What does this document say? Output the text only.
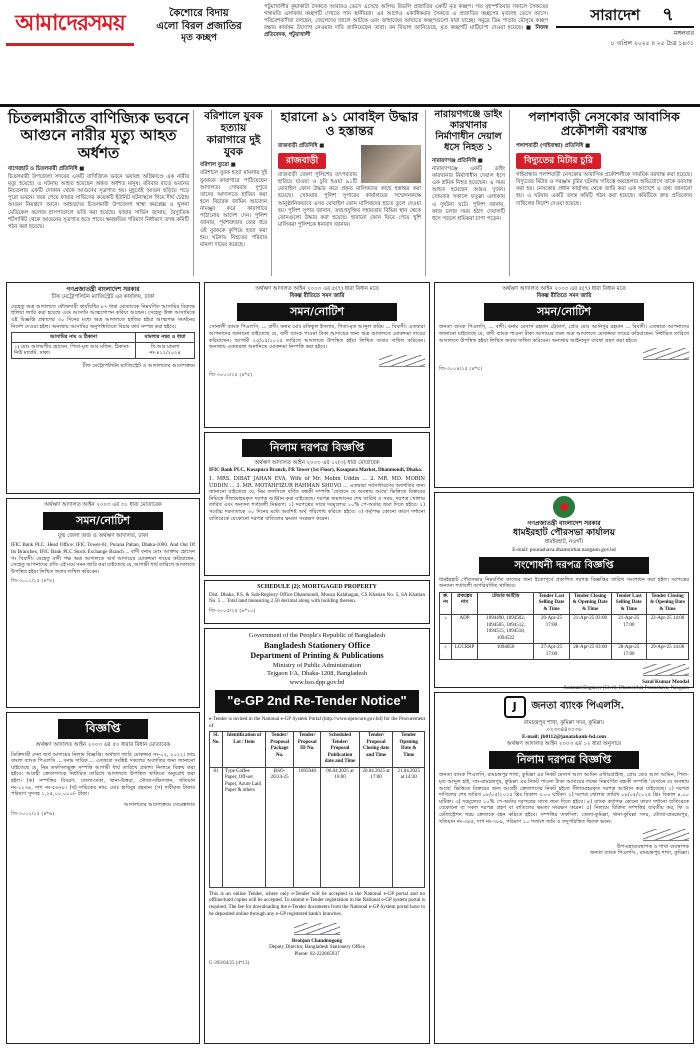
আমাদেরসময়	কৈশোরে বিদায়
এলো বিরল প্রজাতির
মৃত কচ্ছপ
পটুয়াখালীর কুয়াকাটা সৈকতে আবারও ভেসে এসেছে অলিভ রিডলি প্রজাতির একটি মৃত কচ্ছপ। গত বৃহস্পতিবার সকালে সৈকতের গঙ্গামতি এলাকায় কচ্ছপটি দেখতে পান স্থানীয়রা। এর আগেও একাধিকবার সৈকতে এ প্রজাতির কচ্ছপের মৃতদেহ ভেসে আসে। পরিবেশবাদীরা বলছেন, জেলেদের জালে আটকে এবং জাহাজের আঘাতে কচ্ছপগুলো মারা যাচ্ছে। সমুদ্রে ডিম পাড়ার মৌসুমে কচ্ছপ রক্ষায় কার্যকর উদ্যোগ নেওয়ার দাবি জানিয়েছেন তারা। বন বিভাগ জানিয়েছে, মৃত কচ্ছপটি মাটিচাপা দেওয়া হয়েছে। ■ নিজস্ব প্রতিবেদক, পটুয়াখালী
সারাদেশ	৭
মঙ্গলবার
৮ এপ্রিল ২০২৫ ॥ ২৫ চৈত্র ১৪৩১
চিতলমারীতে বাণিজ্যিক ভবনে আগুনে নারীর মৃত্যু আহত অর্ধশত

বাগেরহাট ও চিতলমারী প্রতিনিধি ■
চিতলমারী উপজেলা সদরের একটি বাণিজ্যিক ভবনে ভয়াবহ অগ্নিকাণ্ডে এক নারীর মৃত্যু হয়েছে। এ ঘটনায় আহত হয়েছেন অন্তত অর্ধশত মানুষ। রবিবার রাতে ভবনের নিচতলার একটি দোকান থেকে আগুনের সূত্রপাত হয়। মুহূর্তেই আগুন ছড়িয়ে পড়ে পুরো ভবনে। খবর পেয়ে ফায়ার সার্ভিসের কয়েকটি ইউনিট ঘটনাস্থলে গিয়ে দীর্ঘ চেষ্টায় আগুন নিয়ন্ত্রণে আনে। আহতদের চিতলমারী উপজেলা স্বাস্থ্য কমপ্লেক্স ও খুলনা মেডিকেল কলেজ হাসপাতালে ভর্তি করা হয়েছে। ফায়ার সার্ভিস জানায়, বৈদ্যুতিক শর্টসার্কিট থেকে আগুনের সূত্রপাত হতে পারে। ক্ষয়ক্ষতির পরিমাণ নির্ধারণে তদন্ত কমিটি গঠন করা হয়েছে।

বরিশালে যুবক হত্যায় কারাগারে দুই যুবক

বরিশাল ব্যুরো ■
বরিশালে যুবক হত্যা মামলায় দুই যুবককে কারাগারে পাঠিয়েছেন আদালত। সোমবার দুপুরে তাদের আদালতে হাজির করা হলে বিচারক জামিন আবেদন নামঞ্জুর করে কারাগারে পাঠানোর আদেশ দেন। পুলিশ জানায়, পূর্বশত্রুতার জের ধরে ওই যুবককে কুপিয়ে হত্যা করা হয়। ঘটনায় নিহতের পরিবার মামলা দায়ের করেছে।

হারানো ৯১ মোবাইল উদ্ধার ও হস্তান্তর

রাজবাড়ী প্রতিনিধি ■
রাজবাড়ী
রাজবাড়ী জেলা পুলিশের তৎপরতায় হারিয়ে যাওয়া ও চুরি হওয়া ৯১টি মোবাইল ফোন উদ্ধার করে প্রকৃত মালিকদের কাছে হস্তান্তর করা হয়েছে। সোমবার পুলিশ সুপারের কার্যালয়ের সম্মেলনকক্ষে আনুষ্ঠানিকভাবে এসব মোবাইল ফোন মালিকদের হাতে তুলে দেওয়া হয়। পুলিশ সুপার জানান, তথ্যপ্রযুক্তির সহায়তায় বিভিন্ন স্থান থেকে ফোনগুলো উদ্ধার করা হয়েছে। হারানো ফোন ফিরে পেয়ে খুশি মালিকরা পুলিশকে ধন্যবাদ জানান।

নারায়ণগঞ্জে ডাইং কারখানার নির্মাণাধীন দেয়াল ধসে নিহত ১

নারায়ণগঞ্জ প্রতিনিধি ■
নারায়ণগঞ্জে একটি ডাইং কারখানার নির্মাণাধীন দেয়াল ধসে এক শ্রমিক নিহত হয়েছেন। এ সময় আহত হয়েছেন আরও দুজন। সোমবার সকালে ফতুল্লা এলাকায় এ দুর্ঘটনা ঘটে। পুলিশ জানায়, কাজ চলার সময় হঠাৎ দেয়ালটি ধসে পড়লে শ্রমিকরা চাপা পড়েন।

পলাশবাড়ী নেসকোর আবাসিক প্রকৌশলী বরখাস্ত

পলাশবাড়ী (গাইবান্ধা) প্রতিনিধি ■
বিদ্যুতের মিটার চুরি
গাইবান্ধার পলাশবাড়ী নেসকোর আবাসিক প্রকৌশলীকে সাময়িক বরখাস্ত করা হয়েছে। বিদ্যুতের মিটার ও সরঞ্জাম চুরির ঘটনায় দায়িত্বে অবহেলার অভিযোগে তাকে বরখাস্ত করা হয়। নেসকোর প্রধান কার্যালয় থেকে জারি করা এক আদেশে এ তথ্য জানানো হয়। এ ঘটনায় একটি তদন্ত কমিটি গঠন করা হয়েছে। কমিটিকে দ্রুত প্রতিবেদন দাখিলের নির্দেশ দেওয়া হয়েছে।

গণপ্রজাতন্ত্রী বাংলাদেশ সরকার
চীফ মেট্রোপলিটন ম্যাজিস্ট্রেট এর কার্যালয়, ঢাকা

যেহেতু অত্র আদালতে ফৌজদারী কার্যবিধির ৮৭ ধারা মোতাবেক নিম্নবর্ণিত আসামির বিরুদ্ধে হুলিয়া জারি করা হয়েছে এবং আসামি আত্মগোপন করিয়া আছেন। সেহেতু উক্ত আসামিকে এই বিজ্ঞপ্তি প্রকাশের ৩০ দিনের মধ্যে অত্র আদালতে হাজির হইয়া আত্মপক্ষ সমর্থনের নির্দেশ দেওয়া হইল। অন্যথায় আসামির অনুপস্থিতিতে বিচার কার্য সম্পন্ন করা হইবে।

আসামির নাম ও ঠিকানা	মামলার নম্বর ও ধারা
১) মোঃ আলমগীর হোসেন, পিতা-মৃত আঃ মজিদ, ঠিকানা-নিউ মার্কেট, ঢাকা।	সি.আর মামলা নং-৪১২/২০২৪
চীফ মেট্রোপলিটন ম্যাজিস্ট্রেট ও আদালতের আদেশক্রমে
অর্থঋণ আদালত আইন ২০০৩ এর ৩১ ধারা মোতাবেক
সমন/নোটিশ
যুগ্ম জেলা জজ ও অর্থঋণ আদালত, ঢাকা

IFIC Bank PLC. Head Office: IFIC Tower-61, Purana Paltan, Dhaka-1000. And Out Of Its Branches, IFIC Bank PLC Stock Exchange Branch ... বাদী বনাম মোঃ আক্তার হোসেন গং বিবাদী। যেহেতু বাদী পক্ষ অত্র আদালতে অর্থ আদায়ের মোকদ্দমা দায়ের করিয়াছেন, সেহেতু আপনাদের প্রতি এই মর্মে সমন জারি করা যাইতেছে যে, আগামী ধার্য তারিখে আদালতে উপস্থিত হইয়া লিখিত জবাব দাখিল করিবেন।

জি-৩০০১/২৫ (৪*৪)
বিজ্ঞপ্তি
অর্থঋণ আদালত আইন ২০০৩ এর ৫০ ধারার বিধান মোতাবেক

ডিক্রিদারী দেনা অর্থ আদায়ের নিলাম বিজ্ঞপ্তি। অর্থঋণ জারি মোকদ্দমা নং-০২, ২০২২। ডাচ বাংলা ব্যাংক পিএলসি ... বনাম দায়িক ... এতদ্বারা সংশ্লিষ্ট সকলের অবগতির জন্য জানানো যাইতেছে যে, নিম্ন তফসিলভুক্ত সম্পত্তি আগামী ধার্য তারিখে প্রকাশ্য নিলামে বিক্রয় করা হইবে। আগ্রহী ক্রেতাগণকে নির্ধারিত তারিখে আদালতে উপস্থিত থাকিতে অনুরোধ করা হইল। (ক) সম্পত্তির বিবরণ: জেলা-ঢাকা, থানা-উত্তরা, মৌজা-দক্ষিণখান, খতিয়ান নং-১২৩৪, দাগ নং-৫৬৭৮। (খ) দায়িকের নাম: মোঃ হাবিবুর রহমান। (গ) দাবীকৃত টাকার পরিমাণ সুদসহ ১,২৫,০০,০০০/- টাকা।

আদালতের আদেশক্রমে সেরেস্তাদার
জি-৩০০২/২৫ (৪*৬)
অর্থঋণ আদালত আইন ২০০৩ এর ৫(৭) ধারা বিধান মতে
বিকল্প রীতিতে সমন জারি
সমন/নোটিশ

সোনালী ব্যাংক পিএলসি, ... বাদী। বনাম মোঃ রফিকুল ইসলাম, পিতা-মৃত আব্দুল করিম ... বিবাদী। এতদ্বারা আপনাদের জানানো যাইতেছে যে, বাদী ব্যাংক পাওনা টাকা আদায়ের জন্য অত্র আদালতে মোকদ্দমা দায়ের করিয়াছেন। আগামী ২৫/০৫/২০২৫ তারিখে আদালতে উপস্থিত হইয়া লিখিত জবাব দাখিল করিবেন। অন্যথায় একতরফা শুনানিতে মোকদ্দমা নিষ্পত্তি করা হইবে।

জি-৩০০৩/২৫ (৪*৫)
নিলাম দরপত্র বিজ্ঞপ্তি
অর্থঋণ আদালত আইন ২০০৩ এর ১২(৩) ধারা মোতাবেক

IFIC Bank PLC, Kosapura Branch, FR Tower (1st Floor), Kosapura Market, Dhanmondi, Dhaka.

1. MRS. DIBAT JAHAN EVA, Wife of Mr. Mobin Uddin ... 2. MR. MD. MOBIN UDDIN ... 3. MR. MOTAHFIZUR RAHMAN SHUVO ... এতদ্বারা সর্বসাধারণের অবগতির জন্য জানানো যাইতেছে যে, নিম্ন তফসিলে বর্ণিত বন্ধকী সম্পত্তি 'যেখানে যে অবস্থায় আছে' ভিত্তিতে বিক্রয়ের নিমিত্তে সীলমোহরকৃত দরপত্র আহ্বান করা যাইতেছে। দরপত্র জমাদানের শেষ তারিখ ও সময়, দরপত্র খোলার তারিখ এবং অন্যান্য শর্তাবলী নিম্নরূপ। ১) দরপত্রের সাথে দরমূল্যের ১০% পে-অর্ডার জমা দিতে হইবে। ২) সর্বোচ্চ দরদাতাকে ৩০ দিনের মধ্যে অবশিষ্ট অর্থ পরিশোধ করিতে হইবে। ৩) কর্তৃপক্ষ কোনো কারণ দর্শানো ব্যতিরেকে যেকোনো দরপত্র বাতিলের ক্ষমতা সংরক্ষণ করেন।

SCHEDULE (2): MORTGAGED PROPERTY

Dist. Dhaka, P.S. & Sub-Registry Office Dhanmondi, Mouza Kalabagan, CS Khatian No. 5, SA Khatian No. 5 ... Total land measuring 2.50 decimal along with building thereon.

জি-৩০০৫/২৫ (৪*১০)
Government of the People's Republic of Bangladesh
Bangladesh Stationery Office
Department of Printing & Publications
Ministry of Public Administration
Tejgaon I/A, Dhaka-1208, Bangladesh
www.bso.dpp.gov.bd
"e-GP 2nd Re-Tender Notice"

e-Tender is invited in the National e-GP System Portal (http://www.eprocure.gov.bd) for the Procurement of:

Sl. No.	Identification of Lot / Item	Tender/ Proposal Package No.	Tender/ Proposal ID No.	Scheduled Tender/ Proposal Publication date and Time	Tender/ Proposal Closing date and Time	Tender Opening Date & Time
01	Type Coffee Paper, Off-set Paper, Azure Laid Paper & others	BSO-20/24-25	1095940	06.04.2025 at 16:00	20.04.2025 at 17:00	21.04.2025 at 14:30

This is an online Tender, where only e-Tender will be accepted in the National e-GP portal and no offline/hard copies will be accepted. To submit e-Tender registration in the National e-GP system portal is required. The fee for downloading the e-Tender documents from the National e-GP System portal have to be deposited online through any e-GP registered bank's branches.

Bronjon Chandnugong
Deputy Director, Bangladesh Stationery Office
Phone: 02-222665937
G-393/04/25 (4*13)
অর্থঋণ আদালত আইন ২০০৩ এর ৫(৭) ধারা বিধান মতে
বিকল্প রীতিতে সমন জারি
সমন/নোটিশ

জনতা ব্যাংক পিএলসি, ... বাদী। বনাম মেসার্স রহমান ট্রেডার্স, প্রোঃ মোঃ আনিসুর রহমান ... বিবাদী। এতদ্বারা আপনাদের জানানো যাইতেছে যে, বাদী ব্যাংক পাওনা টাকা আদায়ের জন্য অত্র আদালতে মোকদ্দমা দায়ের করিয়াছেন। নির্ধারিত তারিখে আদালতে উপস্থিত হইয়া লিখিত জবাব দাখিল করিবেন। অন্যথায় আইনানুগ ব্যবস্থা গ্রহণ করা হইবে।

জি-৩০০৪/২৫ (৪*৫)
গণপ্রজাতন্ত্রী বাংলাদেশ সরকার
ধামইরহাট পৌরসভা কার্যালয়
ধামইরহাট, নওগাঁ।
E-mail: pourashava.dhamoirhat.naogaon.gov.bd
সংশোধনী দরপত্র বিজ্ঞপ্তি

ধামইরহাট পৌরসভার নিম্নবর্ণিত কাজের জন্য ইতোপূর্বে প্রকাশিত দরপত্র বিজ্ঞপ্তির তারিখ সংশোধন করা হইল। দরপত্রের অন্যান্য শর্তাবলী অপরিবর্তিত থাকিবে।

ক্র. নং	প্রকল্পের নাম	টেন্ডার আইডি	Tender Last Selling Date & Time	Tender Closing & Opening Date & Time	Tender Last Selling Date & Time	Tender Closing & Opening Date & Time
১	ADP	1094490, 1094502, 1094505, 1094512, 1094515, 1094518, 1094522	20-Apr-25 17:00	21-Apr-25 03:00	21-Apr-25 17:00	22-Apr-25 14:00
২	LGCRRP	1094650	27-Apr-25 17:00	28-Apr-25 03:00	28-Apr-25 17:00	29-Apr-25 14:00
Sazal Kumar Mondal
Assistant Engineer (Civil), Dhamoirhat Pourashava, Naogaon
J জনতা ব্যাংক পিএলসি.
রামচন্দ্রপুর শাখা, কুমিল্লা সদর, কুমিল্লা।
০২৩৩৪৪০০৩৬
E-mail: jb0112@janatabank-bd.com
অর্থঋণ আদালত আইন ২০০৩ এর ১২ ধারা অনুসারে
নিলাম দরপত্র বিজ্ঞপ্তি

জনতা ব্যাংক পিএলসি, রামচন্দ্রপুর শাখা, কুমিল্লা এর নিকট মেসার্স আল আমিন এন্টারপ্রাইজ, প্রোঃ মোঃ আল আমিন, পিতা-মৃত আব্দুল হাই, সাং-রামচন্দ্রপুর, কুমিল্লা এর নিকট পাওনা টাকা আদায়ের লক্ষ্যে নিম্নবর্ণিত বন্ধকী সম্পত্তি 'যেখানে যে অবস্থায় আছে' ভিত্তিতে বিক্রয়ের জন্য আগ্রহী ক্রেতাগণের নিকট হইতে সীলমোহরকৃত দরপত্র আহ্বান করা যাইতেছে। ১) দরপত্র দাখিলের শেষ তারিখ ০৮/০৫/২০২৫ খ্রিঃ বিকাল ৩.০০ ঘটিকা। ২) দরপত্র খোলার তারিখ ০৮/০৫/২০২৫ খ্রিঃ বিকাল ৪.০০ ঘটিকা। ৩) দরমূল্যের ১০% পে-অর্ডার দরপত্রের সাথে জমা দিতে হইবে। ৪) ব্যাংক কর্তৃপক্ষ কোনো কারণ দর্শানো ব্যতিরেকে যেকোনো বা সকল দরপত্র গ্রহণ বা বাতিলের ক্ষমতা সংরক্ষণ করেন। ৫) নিলামে বিক্রিত সম্পত্তির যাবতীয় কর, ফি ও রেজিস্ট্রেশন খরচ ক্রেতাকে বহন করিতে হইবে। সম্পত্তির তফসিল: জেলা-কুমিল্লা, থানা-কুমিল্লা সদর, মৌজা-রামচন্দ্রপুর, খতিয়ান নং-৩৪৫, দাগ নং-৭৮৯, পরিমাণ ১০ শতাংশ জমি ও তদুপরিস্থিত দ্বিতল ভবন।

উপ-মহাব্যবস্থাপক ও শাখা ব্যবস্থাপক
জনতা ব্যাংক পিএলসি., রামচন্দ্রপুর শাখা, কুমিল্লা।
